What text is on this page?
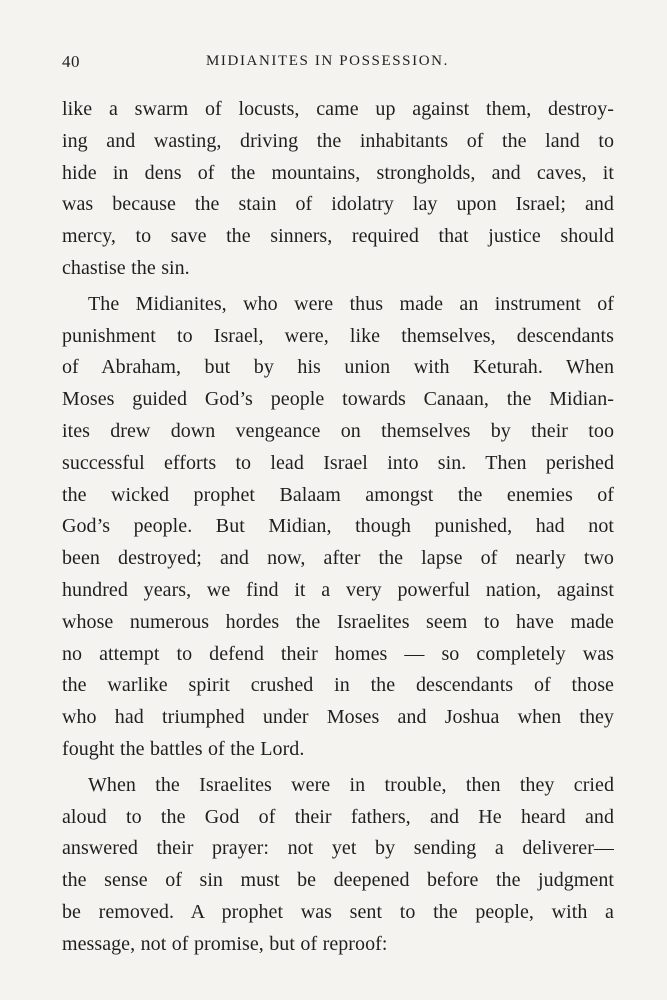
40	MIDIANITES IN POSSESSION.
like a swarm of locusts, came up against them, destroy-
ing and wasting, driving the inhabitants of the land to
hide in dens of the mountains, strongholds, and caves, it
was because the stain of idolatry lay upon Israel; and
mercy, to save the sinners, required that justice should
chastise the sin.
The Midianites, who were thus made an instrument of
punishment to Israel, were, like themselves, descendants
of Abraham, but by his union with Keturah. When
Moses guided God’s people towards Canaan, the Midian-
ites drew down vengeance on themselves by their too
successful efforts to lead Israel into sin. Then perished
the wicked prophet Balaam amongst the enemies of
God’s people. But Midian, though punished, had not
been destroyed; and now, after the lapse of nearly two
hundred years, we find it a very powerful nation, against
whose numerous hordes the Israelites seem to have made
no attempt to defend their homes — so completely was
the warlike spirit crushed in the descendants of those
who had triumphed under Moses and Joshua when they
fought the battles of the Lord.
When the Israelites were in trouble, then they cried
aloud to the God of their fathers, and He heard and
answered their prayer: not yet by sending a deliverer—
the sense of sin must be deepened before the judgment
be removed. A prophet was sent to the people, with a
message, not of promise, but of reproof:
